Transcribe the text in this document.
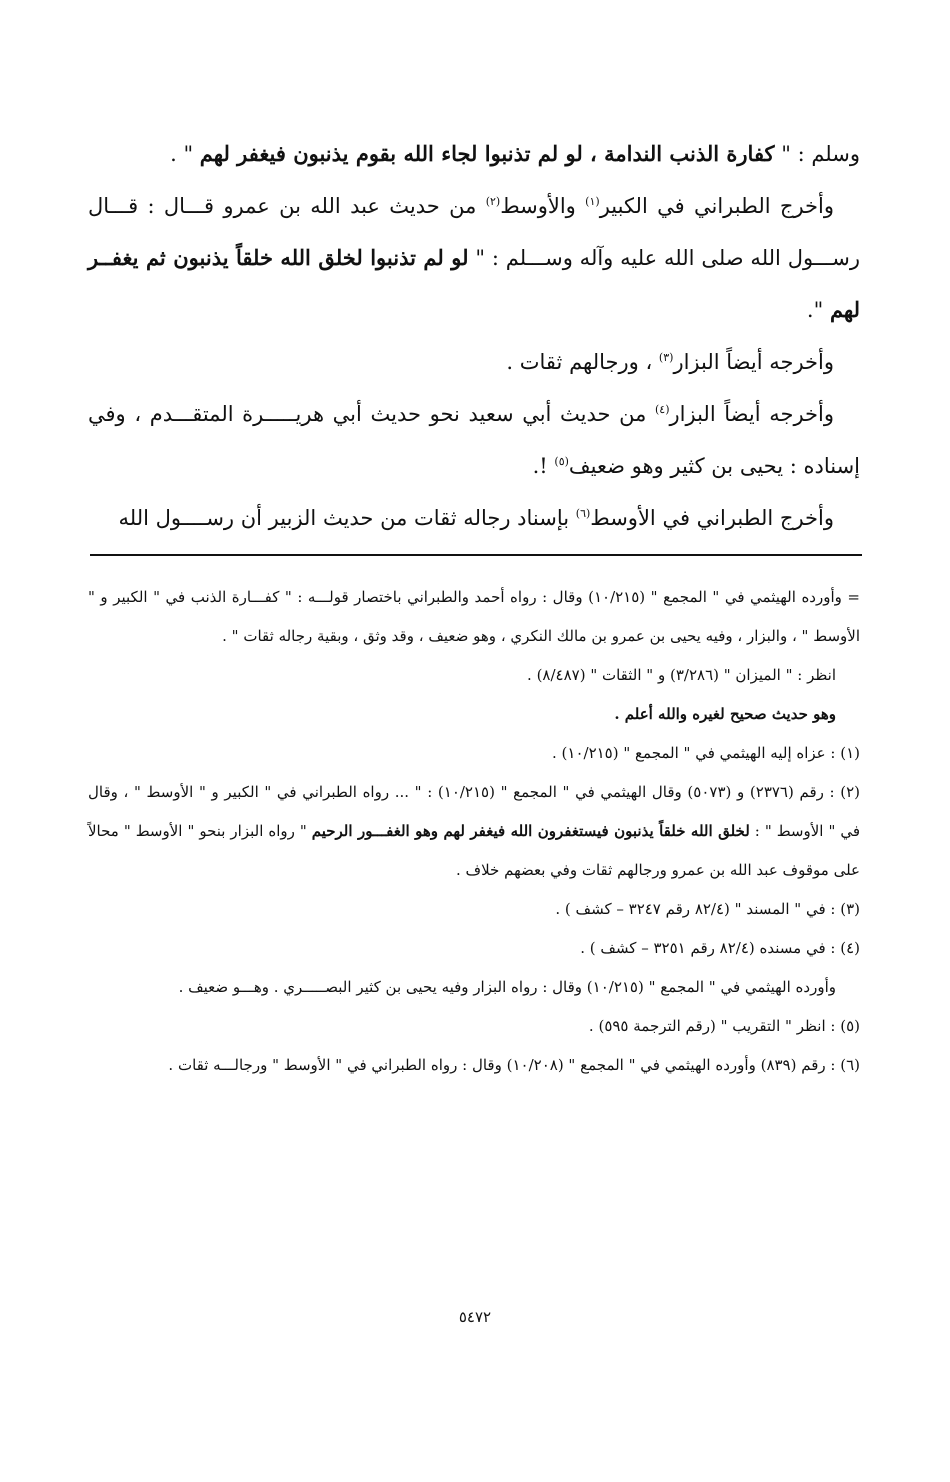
وسلم : " كفارة الذنب الندامة ، لو لم تذنبوا لجاء الله بقوم يذنبون فيغفر لهم " .

وأخرج الطبراني في الكبير$^{(١)}$ والأوسط$^{(٢)}$ من حديث عبد الله بن عمرو قـــال : قـــال رســـول الله صلى الله عليه وآله وســـلم : " لو لم تذنبوا لخلق الله خلقاً يذنبون ثم يغفــر لهم ".

وأخرجه أيضاً البزار$^{(٣)}$ ، ورجالهم ثقات .

وأخرجه أيضاً البزار$^{(٤)}$ من حديث أبي سعيد نحو حديث أبي هريـــــرة المتقـــدم ، وفي إسناده : يحيى بن كثير وهو ضعيف$^{(٥)}$ !.

وأخرج الطبراني في الأوسط$^{(٦)}$ بإسناد رجاله ثقات من حديث الزبير أن رســــول الله

= وأورده الهيثمي في " المجمع " (١٠/٢١٥) وقال : رواه أحمد والطبراني باختصار قولـــه : " كفـــارة الذنب في " الكبير و " الأوسط " ، والبزار ، وفيه يحيى بن عمرو بن مالك النكري ، وهو ضعيف ، وقد وثق ، وبقية رجاله ثقات " .

انظر : " الميزان " (٣/٢٨٦) و " الثقات " (٨/٤٨٧) .

وهو حديث صحيح لغيره والله أعلم .

(١) : عزاه إليه الهيثمي في " المجمع " (١٠/٢١٥) .

(٢) : رقم (٢٣٧٦) و (٥٠٧٣) وقال الهيثمي في " المجمع " (١٠/٢١٥) : " ... رواه الطبراني في " الكبير و " الأوسط " ، وقال في " الأوسط " : لخلق الله خلقاً يذنبون فيستغفرون الله فيغفر لهم وهو الغفـــور الرحيم " رواه البزار بنحو " الأوسط " محالاً على موقوف عبد الله بن عمرو ورجالهم ثقات وفي بعضهم خلاف .

(٣) : في " المسند " (٨٢/٤ رقم ٣٢٤٧ – كشف ) .

(٤) : في مسنده (٨٢/٤ رقم ٣٢٥١ – كشف ) .

وأورده الهيثمي في " المجمع " (١٠/٢١٥) وقال : رواه البزار وفيه يحيى بن كثير البصـــــري . وهـــو ضعيف .

(٥) : انظر " التقريب " (رقم الترجمة ٥٩٥) .

(٦) : رقم (٨٣٩) وأورده الهيثمي في " المجمع " (١٠/٢٠٨) وقال : رواه الطبراني في " الأوسط " ورجالـــه ثقات .

٥٤٧٢
